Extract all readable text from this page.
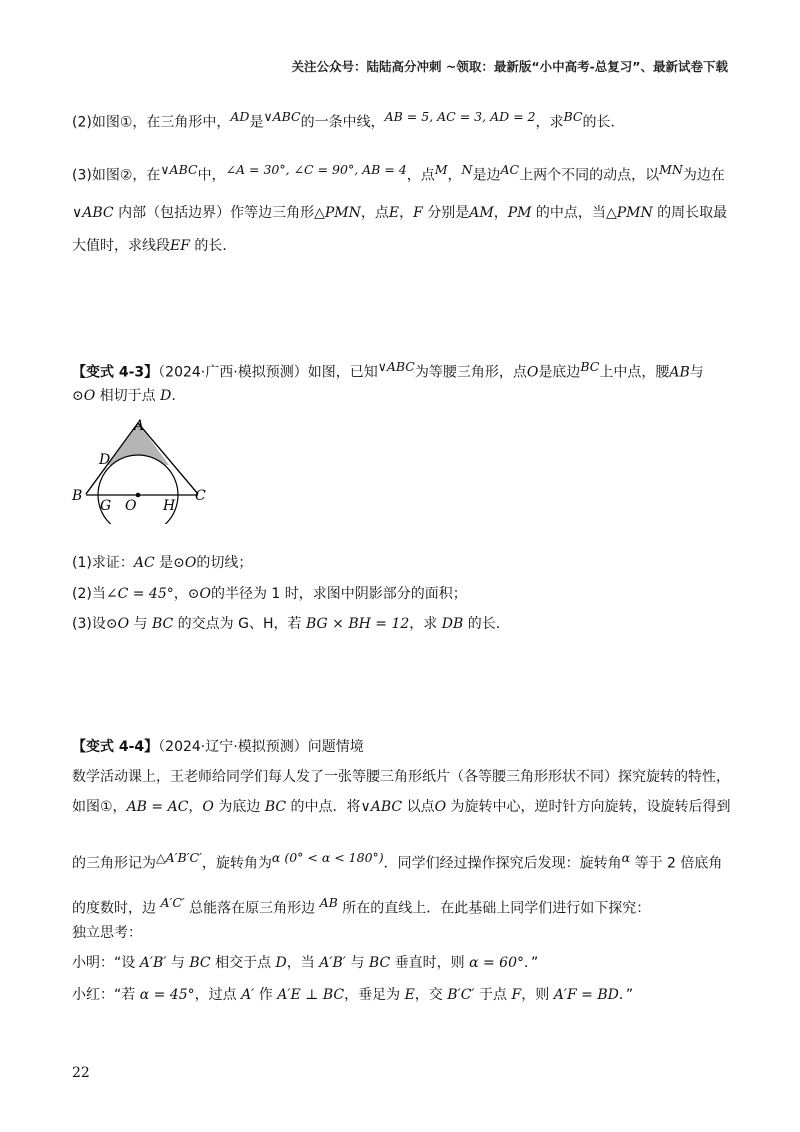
关注公众号：陆陆高分冲刺 ~领取：最新版“小中高考-总复习”、最新试卷下载
(2)如图①，在三角形中，AD是∨ABC的一条中线，AB = 5, AC = 3, AD = 2，求BC的长．
(3)如图②，在∨ABC中，∠A = 30°, ∠C = 90°, AB = 4，点M，N是边AC上两个不同的动点，以MN为边在
∨ABC 内部（包括边界）作等边三角形△PMN，点E，F 分别是AM，PM 的中点，当△PMN 的周长取最
大值时，求线段EF 的长．
【变式 4-3】（2024·广西·模拟预测）如图，已知∨ABC为等腰三角形，点O是底边BC上中点，腰AB与
⊙O 相切于点 D.
A
D
B
G O H
C
(1)求证：AC 是⊙O的切线；
(2)当∠C = 45°，⊙O的半径为 1 时，求图中阴影部分的面积；
(3)设⊙O 与 BC 的交点为 G、H，若 BG × BH = 12，求 DB 的长.
【变式 4-4】（2024·辽宁·模拟预测）问题情境
数学活动课上，王老师给同学们每人发了一张等腰三角形纸片（各等腰三角形形状不同）探究旋转的特性，
如图①，AB = AC，O 为底边 BC 的中点．将∨ABC 以点O 为旋转中心，逆时针方向旋转，设旋转后得到
的三角形记为△A′B′C′，旋转角为α (0° < α < 180°)．同学们经过操作探究后发现：旋转角α 等于 2 倍底角
的度数时，边 A′C′ 总能落在原三角形边 AB 所在的直线上．在此基础上同学们进行如下探究：
独立思考：
小明：“设 A′B′ 与 BC 相交于点 D，当 A′B′ 与 BC 垂直时，则 α = 60°．”
小红：“若 α = 45°，过点 A′ 作 A′E ⊥ BC，垂足为 E，交 B′C′ 于点 F，则 A′F = BD．”
22
